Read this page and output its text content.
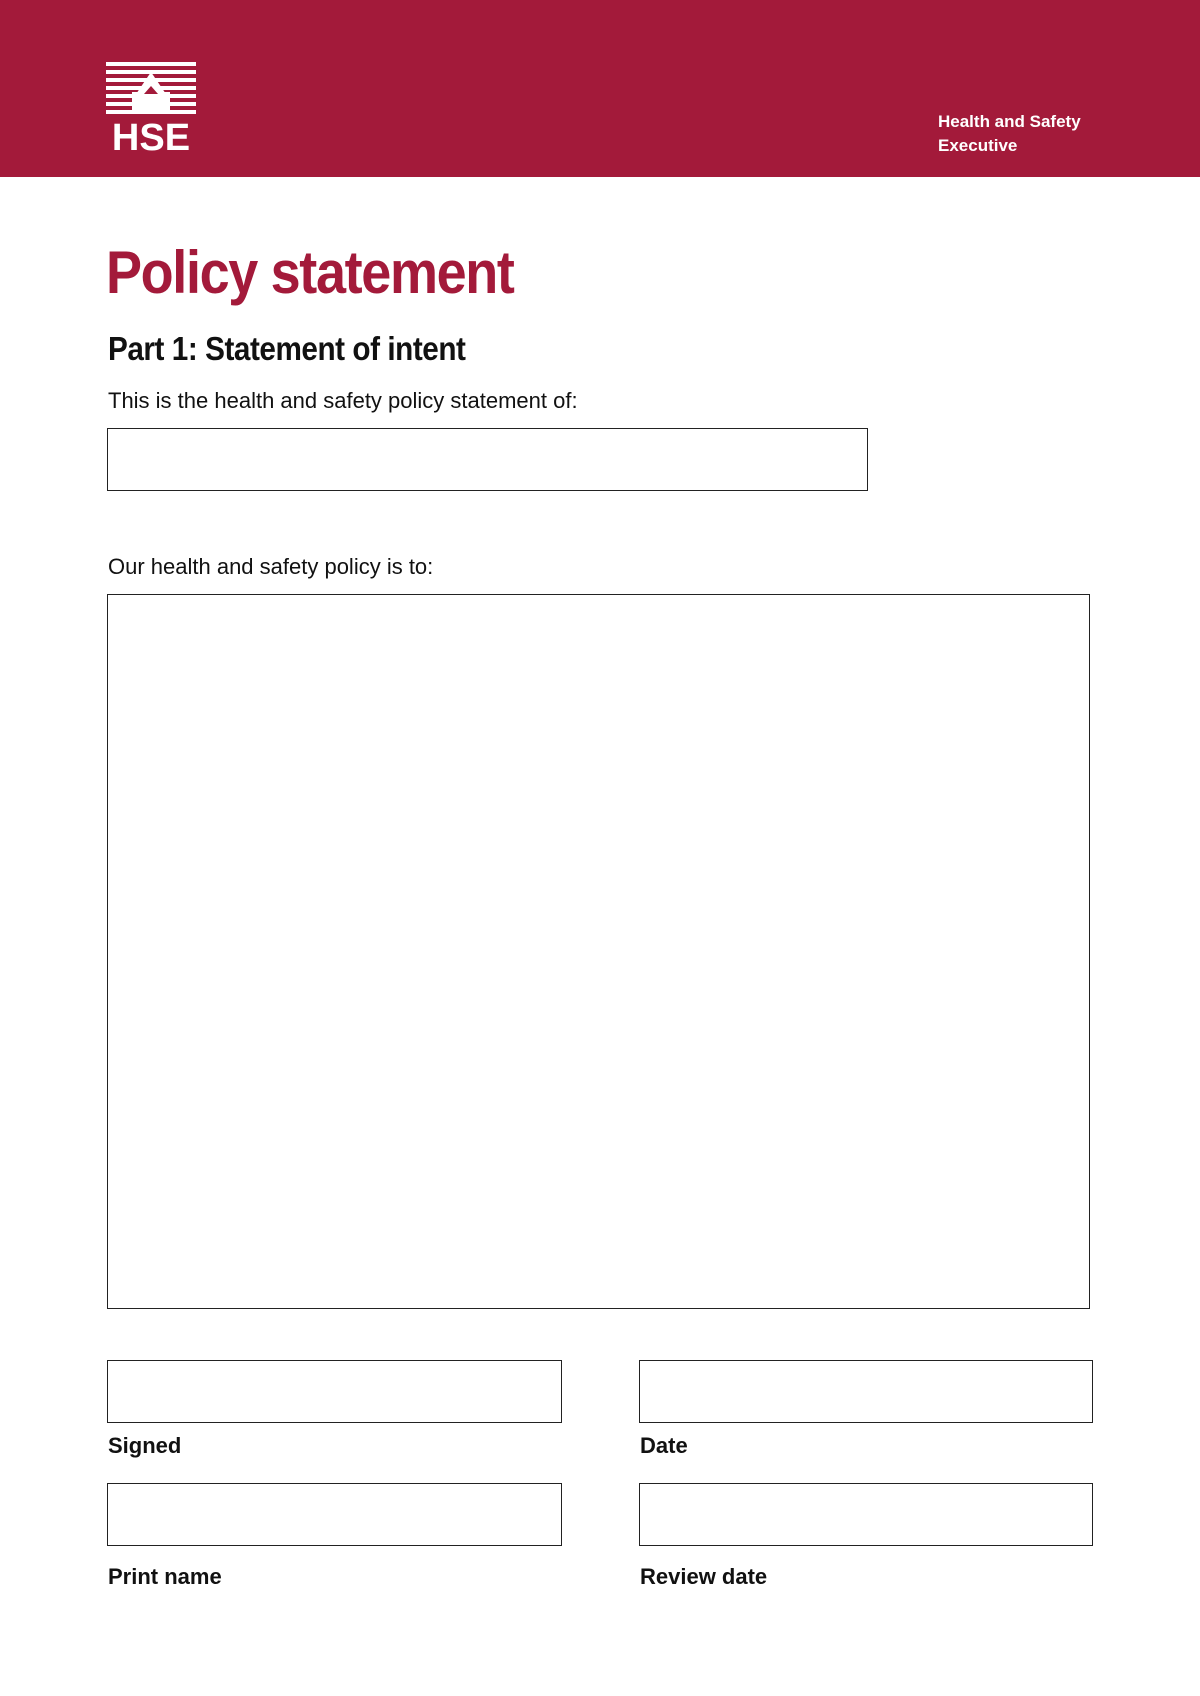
HSE	Health and Safety
Executive
Policy statement
Part 1: Statement of intent
This is the health and safety policy statement of:
Our health and safety policy is to:
Signed	Date
Print name	Review date
